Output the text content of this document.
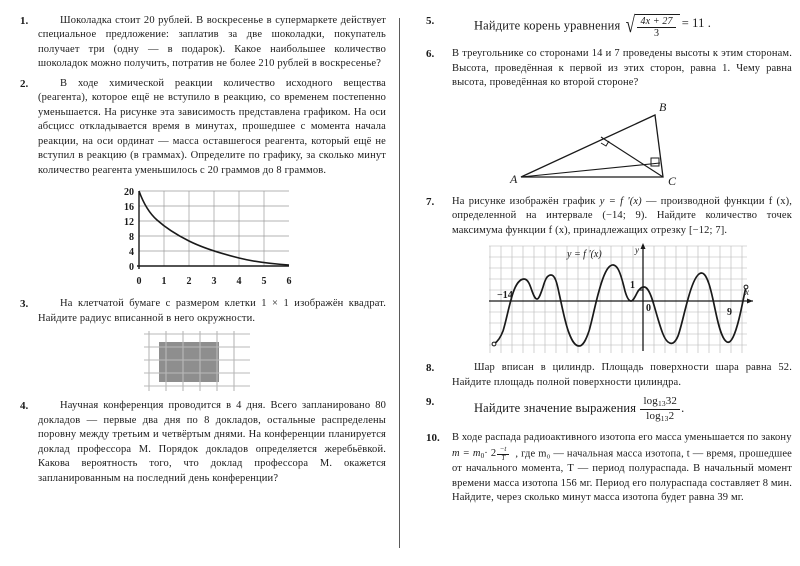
1.	Шоколадка стоит 20 рублей. В воскресенье в супермаркете действует специальное предложение: заплатив за две шоколадки, покупатель получает три (одну — в подарок). Какое наибольшее количество шоколадок можно получить, потратив не более 210 рублей в воскресенье?
2.	В ходе химической реакции количество исходного вещества (реагента), которое ещё не вступило в реакцию, со временем постепенно уменьшается. На рисунке эта зависимость представлена графиком. На оси абсцисс откладывается время в минутах, прошедшее с момента начала реакции, на оси ординат — масса оставшегося реагента, который ещё не вступил в реакцию (в граммах). Определите по графику, за сколько минут количество реагента уменьшилось с 20 граммов до 8 граммов.
20
16
12
8
4
0
0 1 2 3 4 5 6
3.	На клетчатой бумаге с размером клетки 1 × 1 изображён квадрат. Найдите радиус вписанной в него окружности.
4.	Научная конференция проводится в 4 дня. Всего запланировано 80 докладов — первые два дня по 8 докладов, остальные распределены поровну между третьим и четвёртым днями. На конференции планируется доклад профессора М. Порядок докладов определяется жеребьёвкой. Какова вероятность того, что доклад профессора М. окажется запланированным на последний день конференции?
5.	Найдите корень уравнения √ $\frac{4x + 27}{3} = 11$ .
6.	В треугольнике со сторонами 14 и 7 проведены высоты к этим сторонам. Высота, проведённая к первой из этих сторон, равна 1. Чему равна высота, проведённая ко второй стороне?
A
B
C
7.	На рисунке изображён график y = f '(x) — производной функции f (x), определенной на интервале (−14; 9). Найдите количество точек максимума функции f (x), принадлежащих отрезку [−12; 7].
−14
1
0	9
y
x
y = f '(x)
8.	Шар вписан в цилиндр. Площадь поверхности шара равна 52. Найдите площадь полной поверхности цилиндра.
9.	Найдите значение выражения $\frac{\log_{13}32}{\log_{13}2}$ .
10.	В ходе распада радиоактивного изотопа его масса уменьшается по закону $m = m_0\cdot 2 \frac{-t}{T}$ , где m₀ — начальная масса изотопа, t — время, прошедшее от начального момента, T — период полураспада. В начальный момент времени масса изотопа 156 мг. Период его полураспада составляет 8 мин. Найдите, через сколько минут масса изотопа будет равна 39 мг.
